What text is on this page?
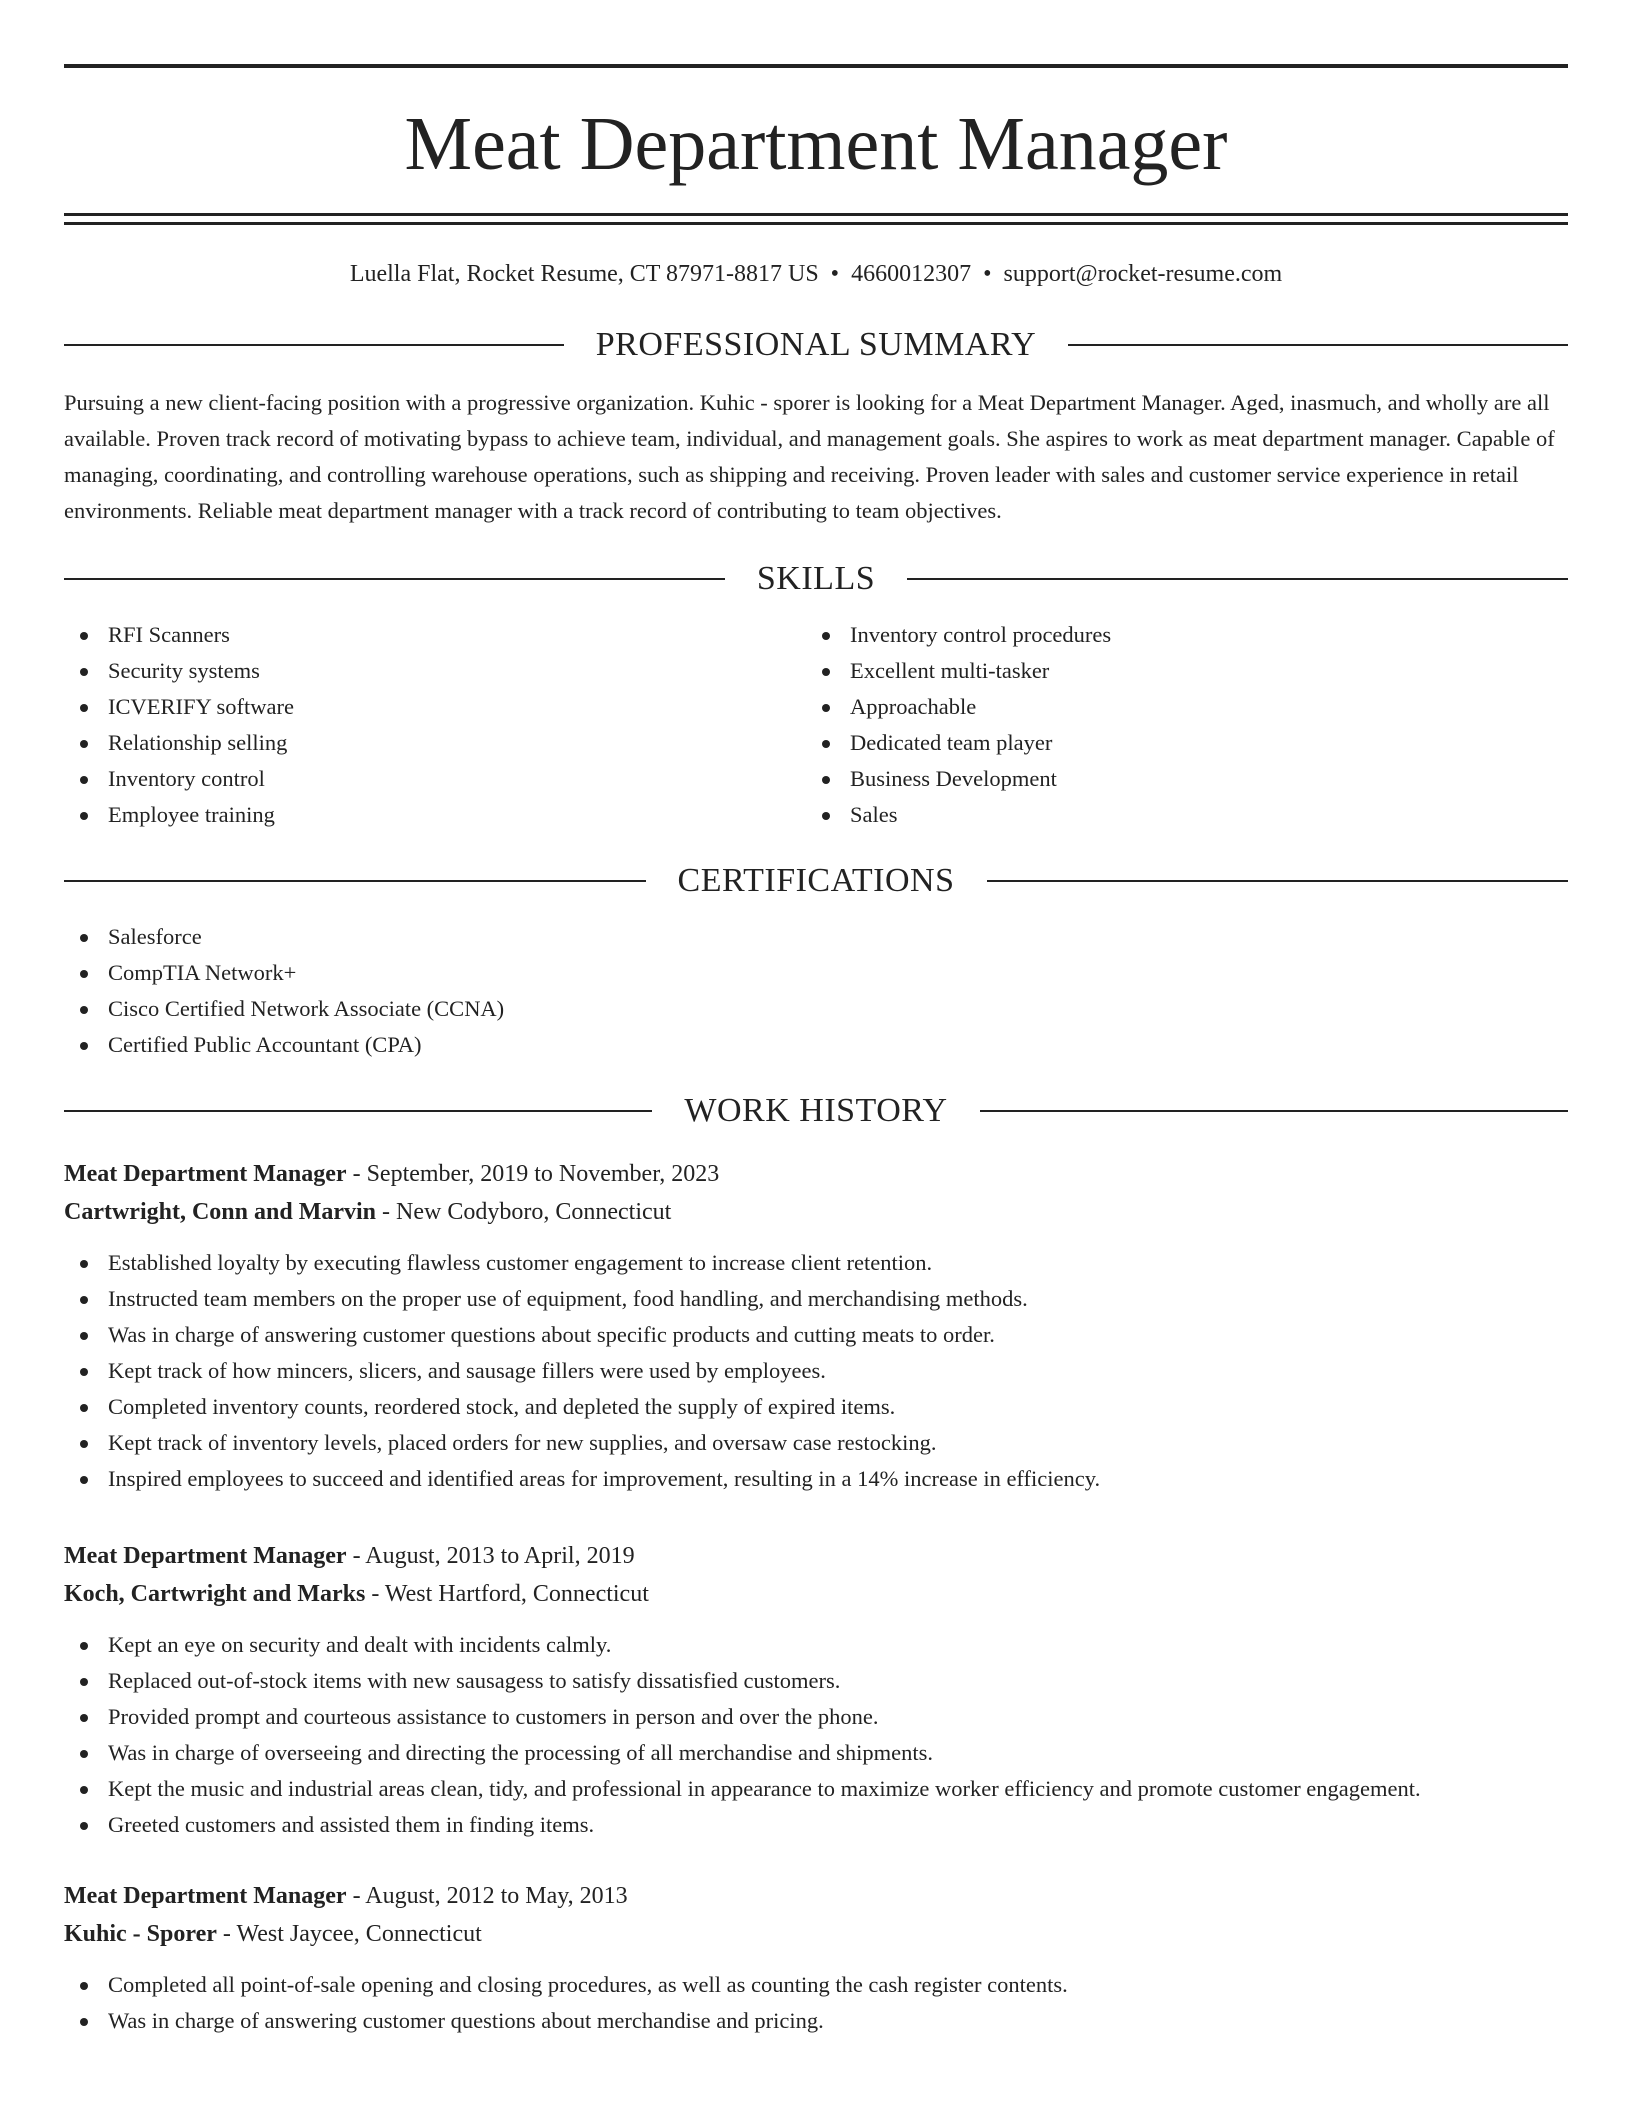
Meat Department Manager
Luella Flat, Rocket Resume, CT 87971-8817 US • 4660012307 • support@rocket-resume.com
PROFESSIONAL SUMMARY
Pursuing a new client-facing position with a progressive organization. Kuhic - sporer is looking for a Meat Department Manager. Aged, inasmuch, and wholly are all available. Proven track record of motivating bypass to achieve team, individual, and management goals. She aspires to work as meat department manager. Capable of managing, coordinating, and controlling warehouse operations, such as shipping and receiving. Proven leader with sales and customer service experience in retail environments. Reliable meat department manager with a track record of contributing to team objectives.
SKILLS
RFI Scanners
Security systems
ICVERIFY software
Relationship selling
Inventory control
Employee training
Inventory control procedures
Excellent multi-tasker
Approachable
Dedicated team player
Business Development
Sales
CERTIFICATIONS
Salesforce
CompTIA Network+
Cisco Certified Network Associate (CCNA)
Certified Public Accountant (CPA)
WORK HISTORY
Meat Department Manager - September, 2019 to November, 2023
Cartwright, Conn and Marvin - New Codyboro, Connecticut
Established loyalty by executing flawless customer engagement to increase client retention.
Instructed team members on the proper use of equipment, food handling, and merchandising methods.
Was in charge of answering customer questions about specific products and cutting meats to order.
Kept track of how mincers, slicers, and sausage fillers were used by employees.
Completed inventory counts, reordered stock, and depleted the supply of expired items.
Kept track of inventory levels, placed orders for new supplies, and oversaw case restocking.
Inspired employees to succeed and identified areas for improvement, resulting in a 14% increase in efficiency.
Meat Department Manager - August, 2013 to April, 2019
Koch, Cartwright and Marks - West Hartford, Connecticut
Kept an eye on security and dealt with incidents calmly.
Replaced out-of-stock items with new sausagess to satisfy dissatisfied customers.
Provided prompt and courteous assistance to customers in person and over the phone.
Was in charge of overseeing and directing the processing of all merchandise and shipments.
Kept the music and industrial areas clean, tidy, and professional in appearance to maximize worker efficiency and promote customer engagement.
Greeted customers and assisted them in finding items.
Meat Department Manager - August, 2012 to May, 2013
Kuhic - Sporer - West Jaycee, Connecticut
Completed all point-of-sale opening and closing procedures, as well as counting the cash register contents.
Was in charge of answering customer questions about merchandise and pricing.
